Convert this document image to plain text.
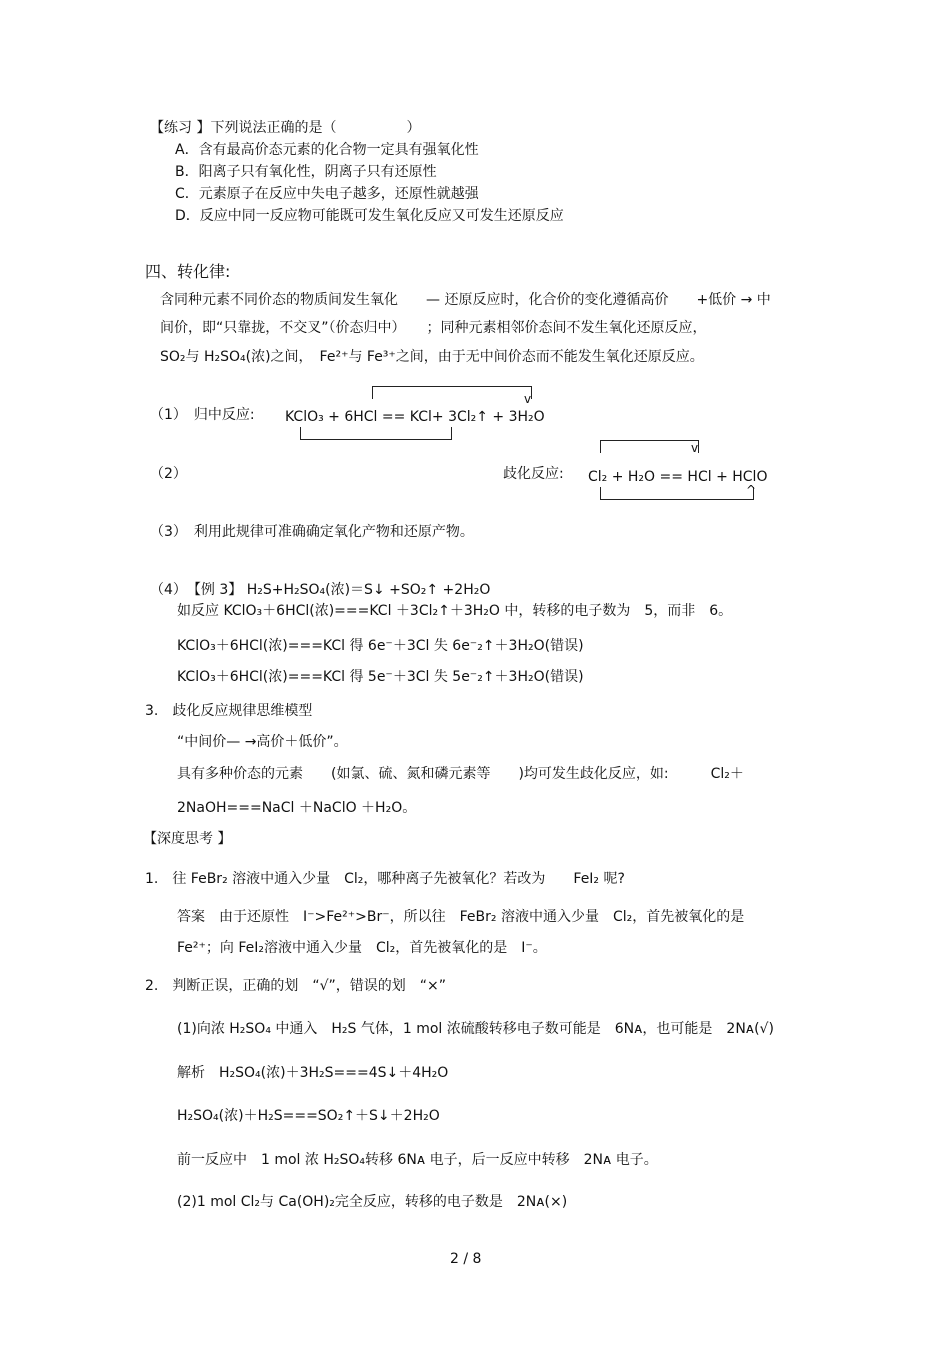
【练习 】下列说法正确的是（　　　　　）
A．含有最高价态元素的化合物一定具有强氧化性
B．阳离子只有氧化性，阴离子只有还原性
C．元素原子在反应中失电子越多，还原性就越强
D．反应中同一反应物可能既可发生氧化反应又可发生还原反应
四、转化律:
含同种元素不同价态的物质间发生氧化　　— 还原反应时，化合价的变化遵循高价　　+低价 → 中
间价，即“只靠拢，不交叉”（价态归中）　　；同种元素相邻价态间不发生氧化还原反应，
SO₂与 H₂SO₄(浓)之间，　Fe²⁺与 Fe³⁺之间，由于无中间价态而不能发生氧化还原反应。
（1）　归中反应: KClO₃ + 6HCl == KCl+ 3Cl₂↑ + 3H₂O
v
（2）	歧化反应: Cl₂ + H₂O == HCl + HClO
v
^
（3）　利用此规律可准确确定氧化产物和还原产物。
（4）　【例 3】 H₂S+H₂SO₄(浓)＝S↓ +SO₂↑ +2H₂O
如反应 KClO₃＋6HCl(浓)===KCl ＋3Cl₂↑＋3H₂O 中，转移的电子数为　5，而非　6。
KClO₃＋6HCl(浓)===KCl 得 6e⁻＋3Cl 失 6e⁻₂↑＋3H₂O(错误)
KClO₃＋6HCl(浓)===KCl 得 5e⁻＋3Cl 失 5e⁻₂↑＋3H₂O(错误)
3.　歧化反应规律思维模型
“中间价— →高价＋低价”。
具有多种价态的元素　　(如氯、硫、氮和磷元素等　　)均可发生歧化反应，如:　　　Cl₂＋
2NaOH===NaCl ＋NaClO ＋H₂O。
【深度思考 】
1.　往 FeBr₂ 溶液中通入少量　Cl₂，哪种离子先被氧化？若改为　　FeI₂ 呢?
答案　由于还原性　I⁻>Fe²⁺>Br⁻，所以往　FeBr₂ 溶液中通入少量　Cl₂，首先被氧化的是
Fe²⁺；向 FeI₂溶液中通入少量　Cl₂，首先被氧化的是　I⁻。
2.　判断正误，正确的划　“√”，错误的划　“×”
(1)向浓 H₂SO₄ 中通入　H₂S 气体，1 mol 浓硫酸转移电子数可能是　6Nᴀ，也可能是　2Nᴀ(√)
解析　H₂SO₄(浓)＋3H₂S===4S↓＋4H₂O
H₂SO₄(浓)＋H₂S===SO₂↑＋S↓＋2H₂O
前一反应中　1 mol 浓 H₂SO₄转移 6Nᴀ 电子，后一反应中转移　2Nᴀ 电子。
(2)1 mol Cl₂与 Ca(OH)₂完全反应，转移的电子数是　2Nᴀ(×)
2 / 8
